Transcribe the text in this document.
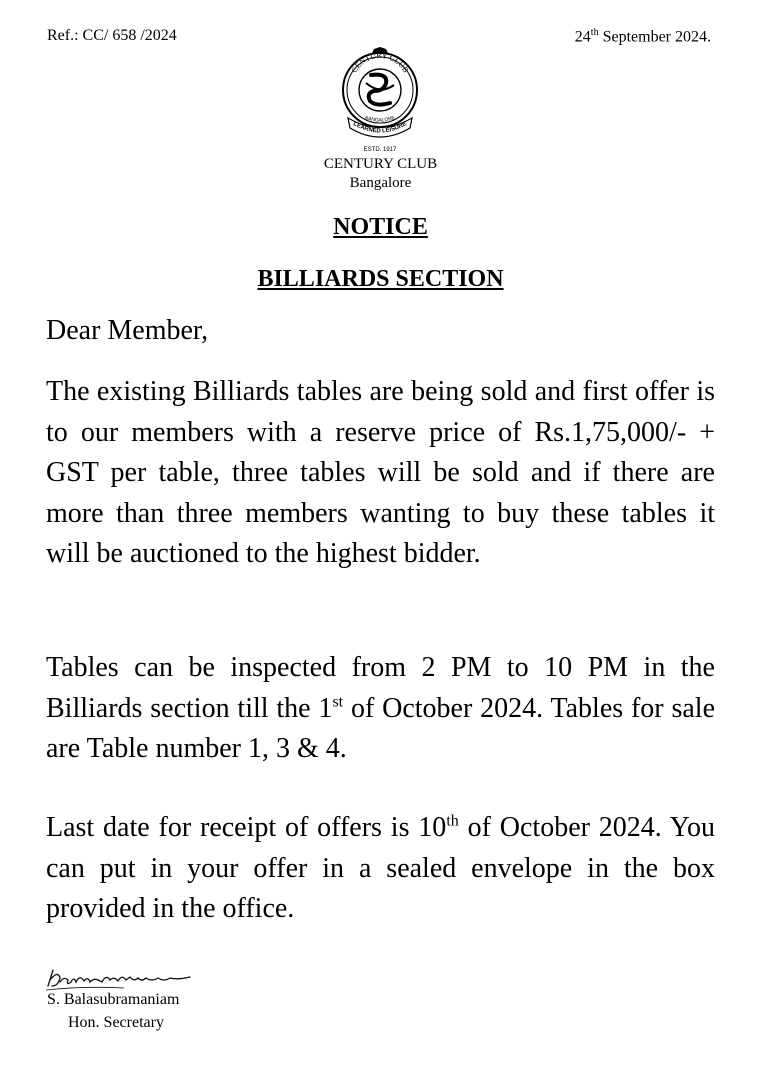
Ref.: CC/ 658 /2024	24th September 2024.
CENTURY CLUB
BANGALORE
LEARNED LEISURE
ESTD. 1917
CENTURY CLUB
Bangalore
NOTICE
BILLIARDS SECTION
Dear Member,
The existing Billiards tables are being sold and first offer is to our members with a reserve price of Rs.1,75,000/- + GST per table, three tables will be sold and if there are more than three members wanting to buy these tables it will be auctioned to the highest bidder.
Tables can be inspected from 2 PM to 10 PM in the Billiards section till the 1st of October 2024. Tables for sale are Table number 1, 3 & 4.
Last date for receipt of offers is 10th of October 2024. You can put in your offer in a sealed envelope in the box provided in the office.
S. Balasubramaniam
Hon. Secretary
